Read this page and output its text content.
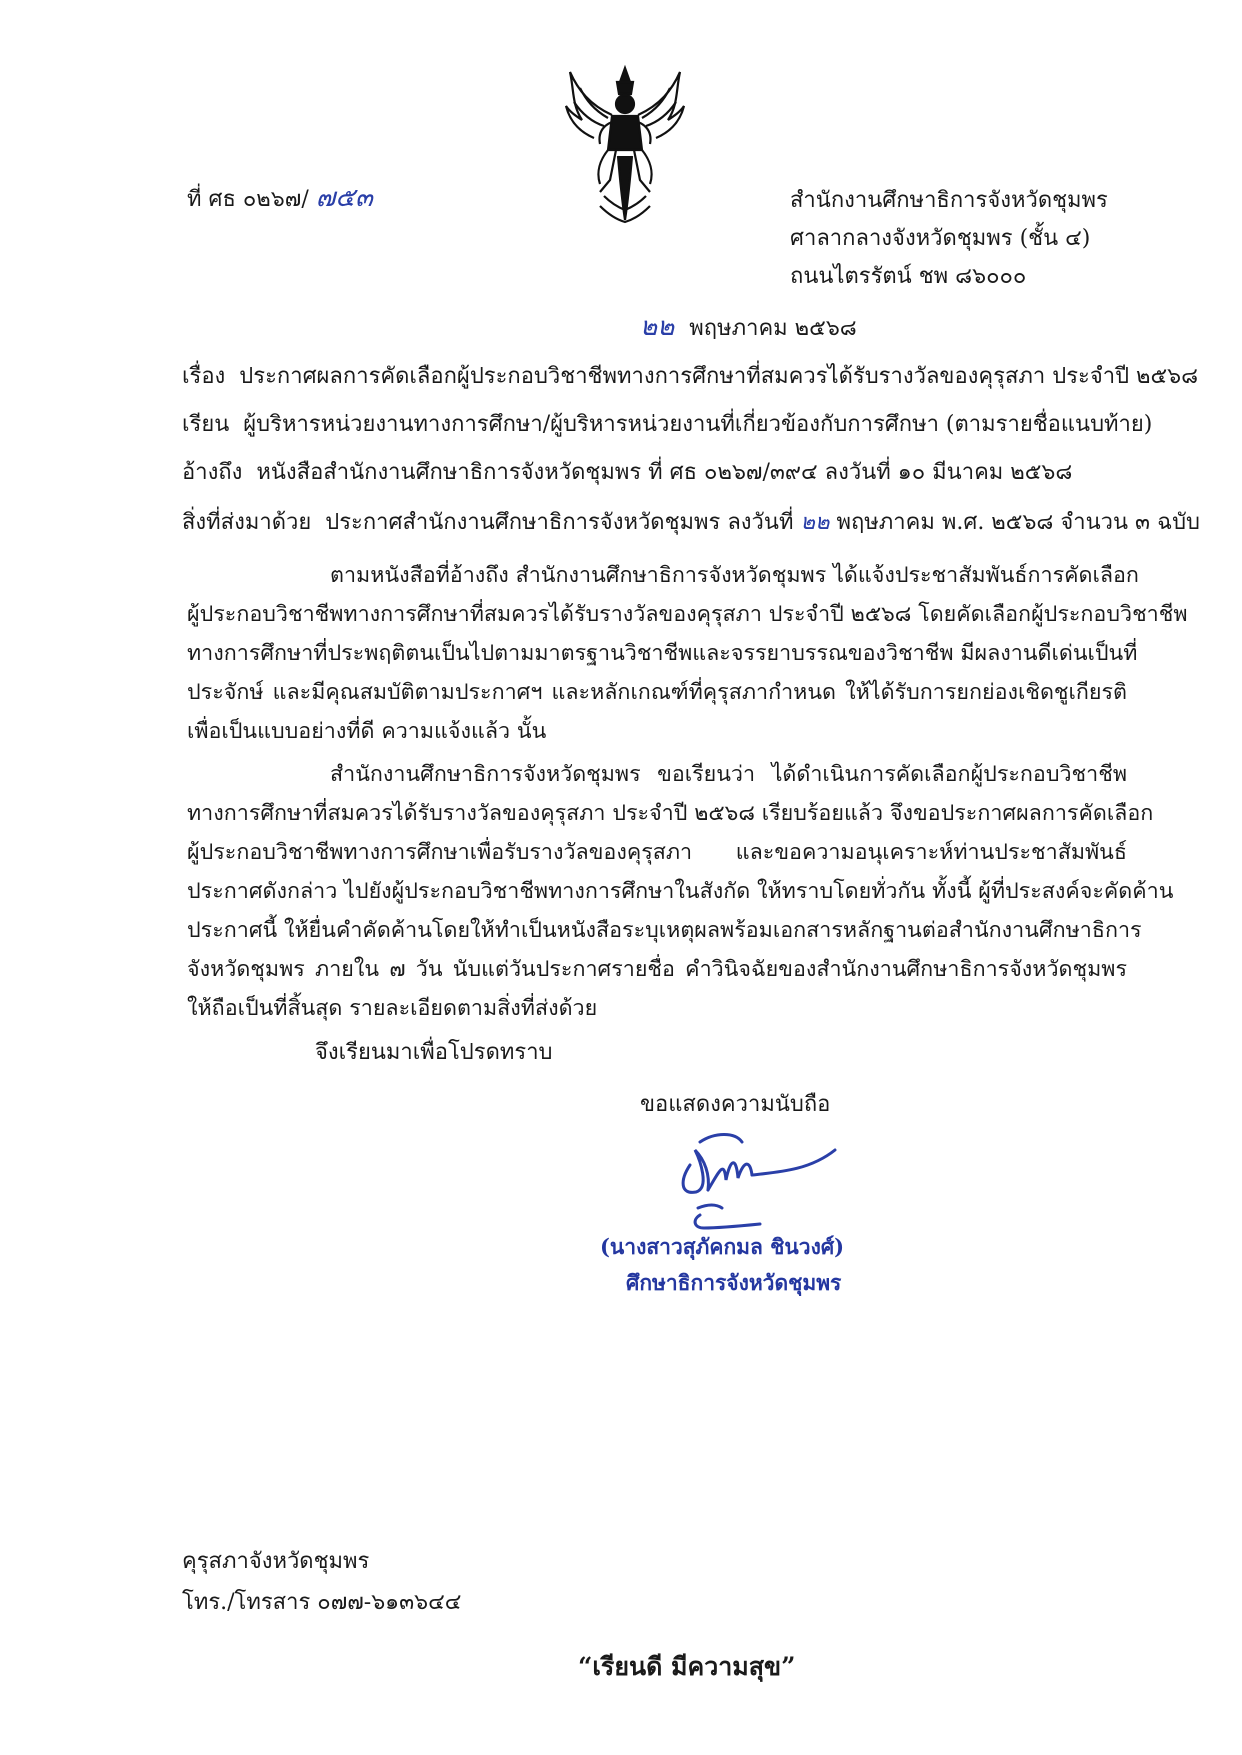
ที่ ศธ ๐๒๖๗/ ๗๕๓	สำนักงานศึกษาธิการจังหวัดชุมพร
ศาลากลางจังหวัดชุมพร (ชั้น ๔)
ถนนไตรรัตน์ ชพ ๘๖๐๐๐
๒๒ พฤษภาคม ๒๕๖๘
เรื่อง ประกาศผลการคัดเลือกผู้ประกอบวิชาชีพทางการศึกษาที่สมควรได้รับรางวัลของคุรุสภา ประจำปี ๒๕๖๘
เรียน ผู้บริหารหน่วยงานทางการศึกษา/ผู้บริหารหน่วยงานที่เกี่ยวข้องกับการศึกษา (ตามรายชื่อแนบท้าย)
อ้างถึง หนังสือสำนักงานศึกษาธิการจังหวัดชุมพร ที่ ศธ ๐๒๖๗/๓๙๔ ลงวันที่ ๑๐ มีนาคม ๒๕๖๘
สิ่งที่ส่งมาด้วย ประกาศสำนักงานศึกษาธิการจังหวัดชุมพร ลงวันที่ ๒๒ พฤษภาคม พ.ศ. ๒๕๖๘ จำนวน ๓ ฉบับ
ตามหนังสือที่อ้างถึง สำนักงานศึกษาธิการจังหวัดชุมพร ได้แจ้งประชาสัมพันธ์การคัดเลือก
ผู้ประกอบวิชาชีพทางการศึกษาที่สมควรได้รับรางวัลของคุรุสภา ประจำปี ๒๕๖๘ โดยคัดเลือกผู้ประกอบวิชาชีพ
ทางการศึกษาที่ประพฤติตนเป็นไปตามมาตรฐานวิชาชีพและจรรยาบรรณของวิชาชีพ มีผลงานดีเด่นเป็นที่
ประจักษ์ และมีคุณสมบัติตามประกาศฯ และหลักเกณฑ์ที่คุรุสภากำหนด ให้ได้รับการยกย่องเชิดชูเกียรติ
เพื่อเป็นแบบอย่างที่ดี ความแจ้งแล้ว นั้น
สำนักงานศึกษาธิการจังหวัดชุมพร ขอเรียนว่า ได้ดำเนินการคัดเลือกผู้ประกอบวิชาชีพ
ทางการศึกษาที่สมควรได้รับรางวัลของคุรุสภา ประจำปี ๒๕๖๘ เรียบร้อยแล้ว จึงขอประกาศผลการคัดเลือก
ผู้ประกอบวิชาชีพทางการศึกษาเพื่อรับรางวัลของคุรุสภา และขอความอนุเคราะห์ท่านประชาสัมพันธ์
ประกาศดังกล่าว ไปยังผู้ประกอบวิชาชีพทางการศึกษาในสังกัด ให้ทราบโดยทั่วกัน ทั้งนี้ ผู้ที่ประสงค์จะคัดค้าน
ประกาศนี้ ให้ยื่นคำคัดค้านโดยให้ทำเป็นหนังสือระบุเหตุผลพร้อมเอกสารหลักฐานต่อสำนักงานศึกษาธิการ
จังหวัดชุมพร ภายใน ๗ วัน นับแต่วันประกาศรายชื่อ คำวินิจฉัยของสำนักงานศึกษาธิการจังหวัดชุมพร
ให้ถือเป็นที่สิ้นสุด รายละเอียดตามสิ่งที่ส่งด้วย
จึงเรียนมาเพื่อโปรดทราบ
ขอแสดงความนับถือ
(นางสาวสุภัคกมล ชินวงศ์)
ศึกษาธิการจังหวัดชุมพร
คุรุสภาจังหวัดชุมพร
โทร./โทรสาร ๐๗๗-๖๑๓๖๔๔
“เรียนดี มีความสุข”
